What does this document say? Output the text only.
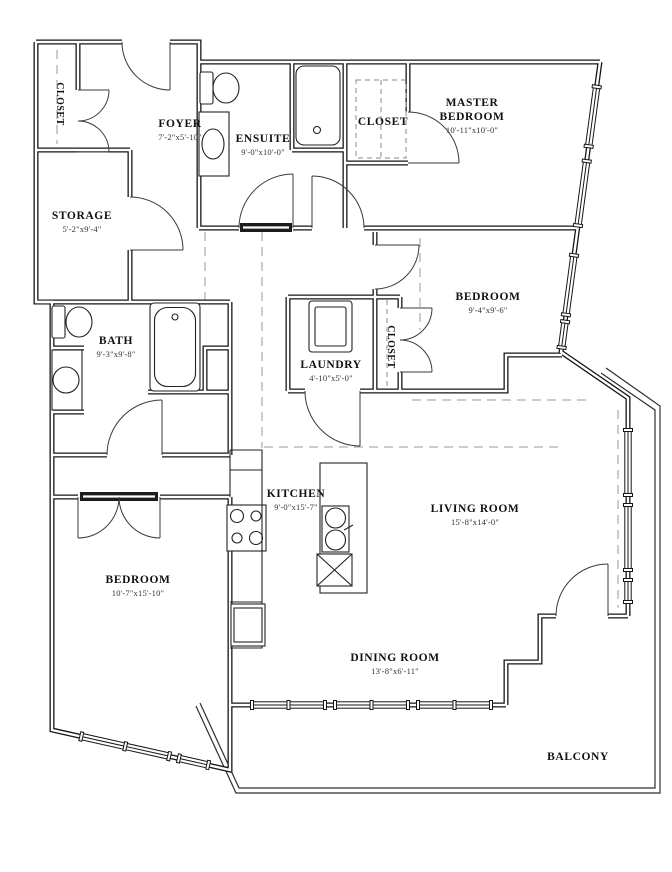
CLOSET	FOYER
7'-2"x5'-10"	ENSUITE
9'-0"x10'-0"
CLOSET
MASTER
BEDROOM
10'-11"x10'-0"
STORAGE
5'-2"x9'-4"
BATH
9'-3"x9'-8"
LAUNDRY
4'-10"x5'-0"
CLOSET
BEDROOM
9'-4"x9'-6"
KITCHEN
9'-0"x15'-7"	LIVING ROOM
15'-8"x14'-0"
BEDROOM
10'-7"x15'-10"
DINING ROOM
13'-8"x6'-11"
BALCONY
